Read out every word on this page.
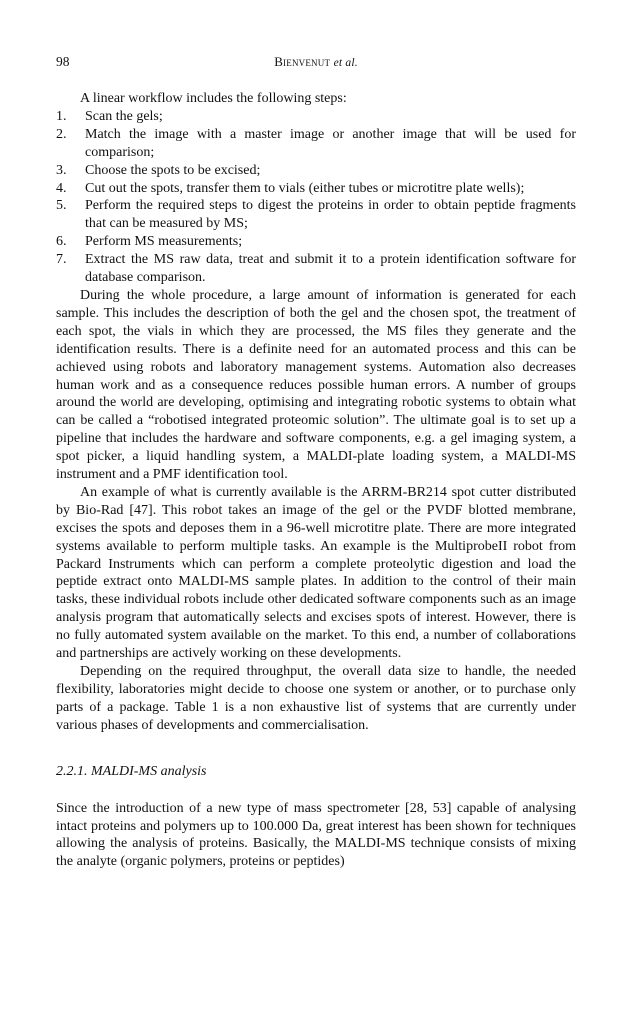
98	Bienvenut et al.

A linear workflow includes the following steps:

1. Scan the gels;
2. Match the image with a master image or another image that will be used for comparison;
3. Choose the spots to be excised;
4. Cut out the spots, transfer them to vials (either tubes or microtitre plate wells);
5. Perform the required steps to digest the proteins in order to obtain peptide fragments that can be measured by MS;
6. Perform MS measurements;
7. Extract the MS raw data, treat and submit it to a protein identification software for database comparison.

During the whole procedure, a large amount of information is generated for each sample. This includes the description of both the gel and the chosen spot, the treatment of each spot, the vials in which they are processed, the MS files they generate and the identification results. There is a definite need for an automated process and this can be achieved using robots and laboratory management systems. Automation also decreases human work and as a consequence reduces possible human errors. A number of groups around the world are developing, optimising and integrating robotic systems to obtain what can be called a “robotised integrated proteomic solution”. The ultimate goal is to set up a pipeline that includes the hardware and software components, e.g. a gel imaging system, a spot picker, a liquid handling system, a MALDI-plate loading system, a MALDI-MS instrument and a PMF identification tool.

An example of what is currently available is the ARRM-BR214 spot cutter distributed by Bio-Rad [47]. This robot takes an image of the gel or the PVDF blotted membrane, excises the spots and deposes them in a 96-well microtitre plate. There are more integrated systems available to perform multiple tasks. An example is the MultiprobeII robot from Packard Instruments which can perform a complete proteolytic digestion and load the peptide extract onto MALDI-MS sample plates. In addition to the control of their main tasks, these individual robots include other dedicated software components such as an image analysis program that automatically selects and excises spots of interest. However, there is no fully automated system available on the market. To this end, a number of collaborations and partnerships are actively working on these developments.

Depending on the required throughput, the overall data size to handle, the needed flexibility, laboratories might decide to choose one system or another, or to purchase only parts of a package. Table 1 is a non exhaustive list of systems that are currently under various phases of developments and commercialisation.

2.2.1. MALDI-MS analysis

Since the introduction of a new type of mass spectrometer [28, 53] capable of analysing intact proteins and polymers up to 100.000 Da, great interest has been shown for techniques allowing the analysis of proteins. Basically, the MALDI-MS technique consists of mixing the analyte (organic polymers, proteins or peptides)
